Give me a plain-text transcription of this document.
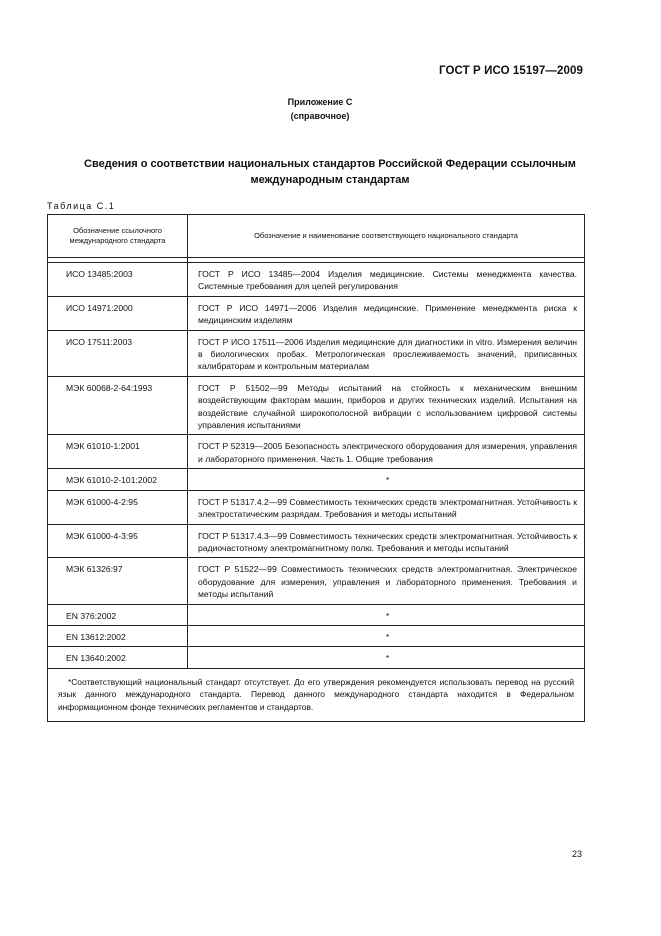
ГОСТ Р ИСО 15197—2009
Приложение С
(справочное)
Сведения о соответствии национальных стандартов Российской Федерации ссылочным международным стандартам
Таблица С.1
Обозначение ссылочного международного стандарта	Обозначение и наименование соответствующего национального стандарта

ИСО 13485:2003	ГОСТ Р ИСО 13485—2004 Изделия медицинские. Системы менеджмента качества. Системные требования для целей регулирования
ИСО 14971:2000	ГОСТ Р ИСО 14971—2006 Изделия медицинские. Применение менеджмента риска к медицинским изделиям
ИСО 17511:2003	ГОСТ Р ИСО 17511—2006 Изделия медицинские для диагностики in vitro. Измерения величин в биологических пробах. Метрологическая прослеживаемость значений, приписанных калибраторам и контрольным материалам
МЭК 60068-2-64:1993	ГОСТ Р 51502—99 Методы испытаний на стойкость к механическим внешним воздействующим факторам машин, приборов и других технических изделий. Испытания на воздействие случайной широкополосной вибрации с использованием цифровой системы управления испытаниями
МЭК 61010-1:2001	ГОСТ Р 52319—2005 Безопасность электрического оборудования для измерения, управления и лабораторного применения. Часть 1. Общие требования
МЭК 61010-2-101:2002	*
МЭК 61000-4-2:95	ГОСТ Р 51317.4.2—99 Совместимость технических средств электромагнитная. Устойчивость к электростатическим разрядам. Требования и методы испытаний
МЭК 61000-4-3:95	ГОСТ Р 51317.4.3—99 Совместимость технических средств электромагнитная. Устойчивость к радиочастотному электромагнитному полю. Требования и методы испытаний
МЭК 61326:97	ГОСТ Р 51522—99 Совместимость технических средств электромагнитная. Электрическое оборудование для измерения, управления и лабораторного применения. Требования и методы испытаний
EN 376:2002	*
EN 13612:2002	*
EN 13640:2002	*
*Соответствующий национальный стандарт отсутствует. До его утверждения рекомендуется использовать перевод на русский язык данного международного стандарта. Перевод данного международного стандарта находится в Федеральном информационном фонде технических регламентов и стандартов.	
23
